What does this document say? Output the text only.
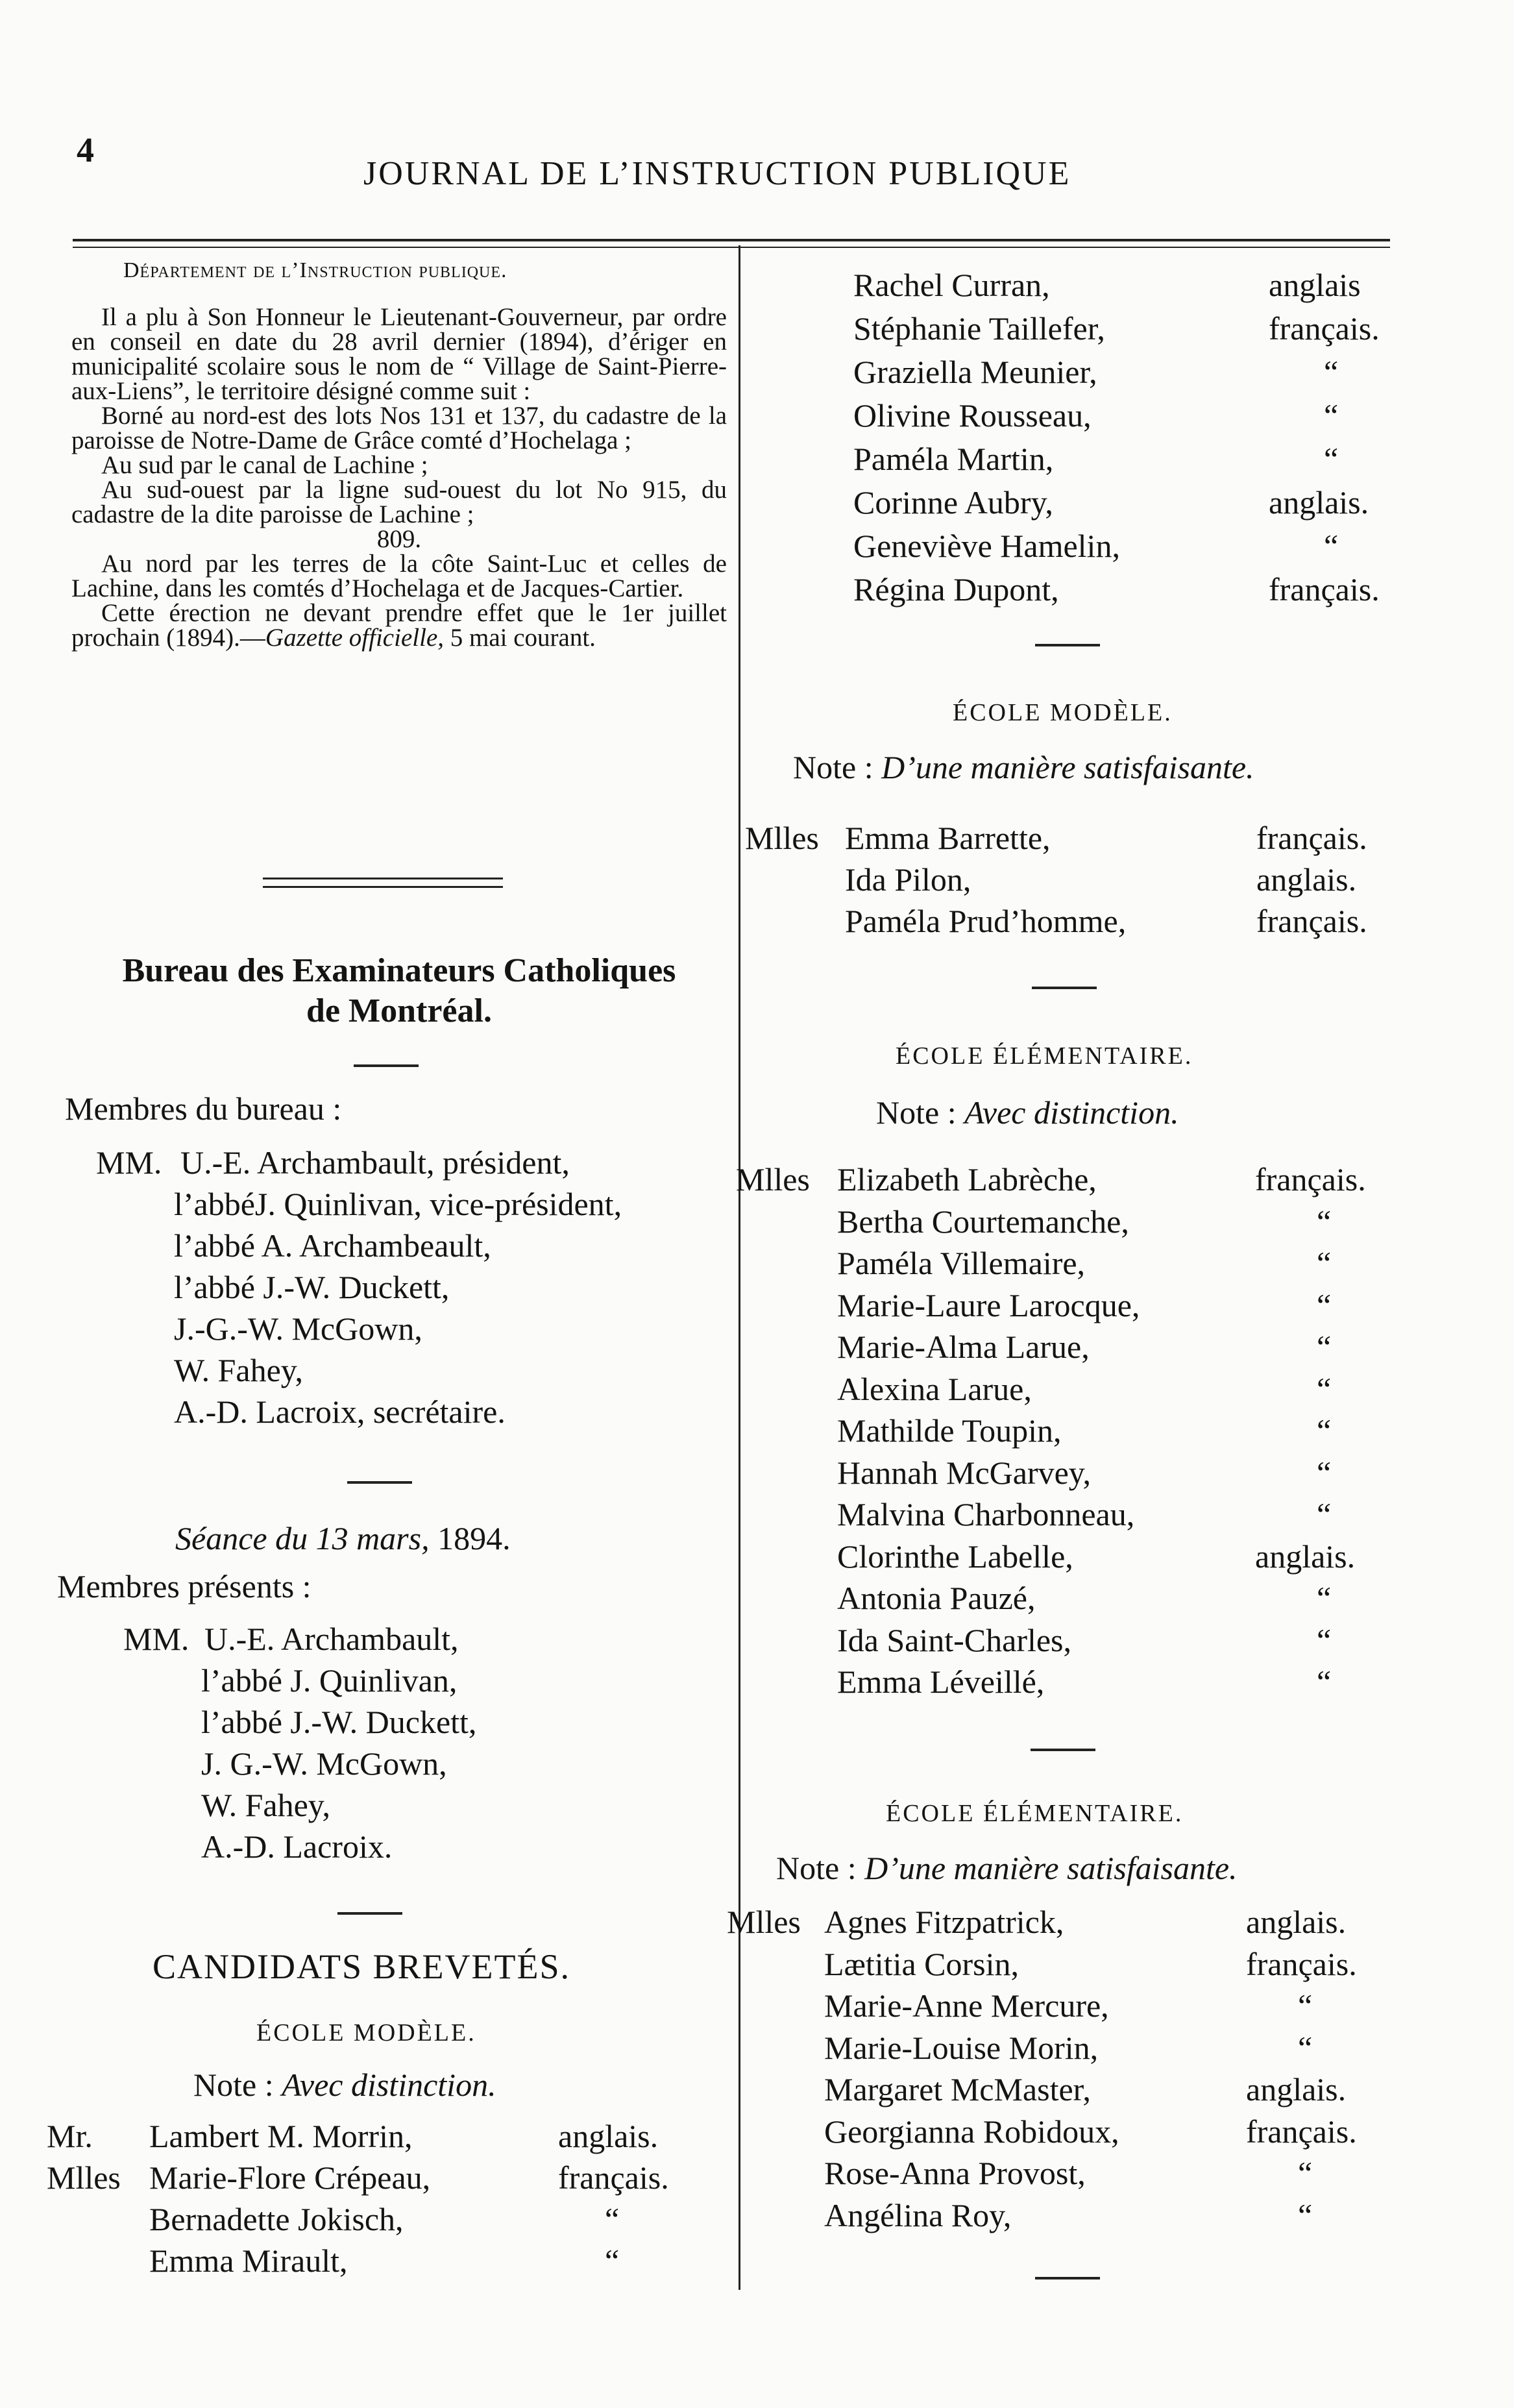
4
JOURNAL DE L’INSTRUCTION PUBLIQUE
Département de l’Instruction publique.

Il a plu à Son Honneur le Lieutenant-Gouverneur, par ordre en conseil en date du 28 avril dernier (1894), d’ériger en municipalité scolaire sous le nom de “ Village de Saint-Pierre-aux-Liens”, le territoire désigné comme suit :

Borné au nord-est des lots Nos 131 et 137, du cadastre de la paroisse de Notre-Dame de Grâce comté d’Hochelaga ;

Au sud par le canal de Lachine ;

Au sud-ouest par la ligne sud-ouest du lot No 915, du cadastre de la dite paroisse de Lachine ;

809.

Au nord par les terres de la côte Saint-Luc et celles de Lachine, dans les comtés d’Hochelaga et de Jacques-Cartier.

Cette érection ne devant prendre effet que le 1er juillet prochain (1894).—Gazette officielle, 5 mai courant.

Bureau des Examinateurs Catholiques
de Montréal.
Membres du bureau :
MM. U.-E. Archambault, président,
l’abbéJ. Quinlivan, vice-président,
l’abbé A. Archambeault,
l’abbé J.-W. Duckett,
J.-G.-W. McGown,
W. Fahey,
A.-D. Lacroix, secrétaire.
Séance du 13 mars, 1894.
Membres présents :
MM. U.-E. Archambault,
l’abbé J. Quinlivan,
l’abbé J.-W. Duckett,
J. G.-W. McGown,
W. Fahey,
A.-D. Lacroix.
CANDIDATS BREVETÉS.
ÉCOLE MODÈLE.
Note : Avec distinction.
Mr. Lambert M. Morrin,	anglais.
Mlles Marie-Flore Crépeau,	français.
Bernadette Jokisch,	“
Emma Mirault,	“
Rachel Curran,	anglais
Stéphanie Taillefer,	français.
Graziella Meunier,	“
Olivine Rousseau,	“
Paméla Martin,	“
Corinne Aubry,	anglais.
Geneviève Hamelin,	“
Régina Dupont,	français.
ÉCOLE MODÈLE.
Note : D’une manière satisfaisante.
Mlles Emma Barrette,	français.
Ida Pilon,	anglais.
Paméla Prud’homme,	français.
ÉCOLE ÉLÉMENTAIRE.
Note : Avec distinction.
Mlles Elizabeth Labrèche,	français.
Bertha Courtemanche,	“
Paméla Villemaire,	“
Marie-Laure Larocque,	“
Marie-Alma Larue,	“
Alexina Larue,	“
Mathilde Toupin,	“
Hannah McGarvey,	“
Malvina Charbonneau,	“
Clorinthe Labelle,	anglais.
Antonia Pauzé,	“
Ida Saint-Charles,	“
Emma Léveillé,	“
ÉCOLE ÉLÉMENTAIRE.
Note : D’une manière satisfaisante.
Mlles Agnes Fitzpatrick,	anglais.
Lætitia Corsin,	français.
Marie-Anne Mercure,	“
Marie-Louise Morin,	“
Margaret McMaster,	anglais.
Georgianna Robidoux,	français.
Rose-Anna Provost,	“
Angélina Roy,	“
